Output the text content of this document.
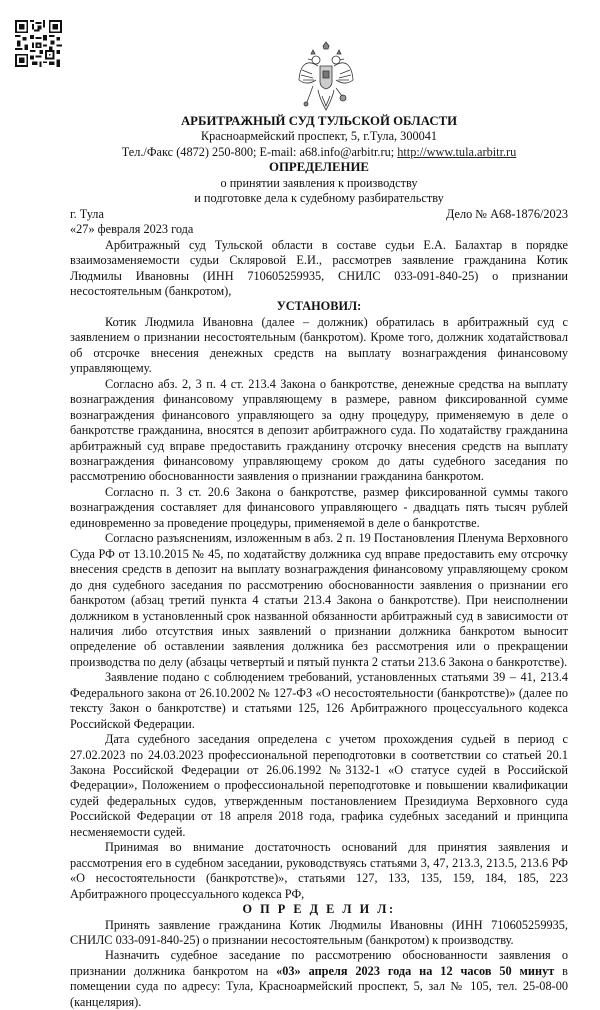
АРБИТРАЖНЫЙ СУД ТУЛЬСКОЙ ОБЛАСТИ
Красноармейский проспект, 5, г.Тула, 300041
Тел./Факс (4872) 250-800; E-mail: a68.info@arbitr.ru; http://www.tula.arbitr.ru
ОПРЕДЕЛЕНИЕ
о принятии заявления к производству
и подготовке дела к судебному разбирательству
г. Тула	Дело № А68-1876/2023
«27» февраля 2023 года

Арбитражный суд Тульской области в составе судьи Е.А. Балахтар в порядке взаимозаменяемости судьи Скляровой Е.И., рассмотрев заявление гражданина Котик Людмилы Ивановны (ИНН 710605259935, СНИЛС 033-091-840-25) о признании несостоятельным (банкротом),

УСТАНОВИЛ:

Котик Людмила Ивановна (далее – должник) обратилась в арбитражный суд с заявлением о признании несостоятельным (банкротом). Кроме того, должник ходатайствовал об отсрочке внесения денежных средств на выплату вознаграждения финансовому управляющему.

Согласно абз. 2, 3 п. 4 ст. 213.4 Закона о банкротстве, денежные средства на выплату вознаграждения финансовому управляющему в размере, равном фиксированной сумме вознаграждения финансового управляющего за одну процедуру, применяемую в деле о банкротстве гражданина, вносятся в депозит арбитражного суда. По ходатайству гражданина арбитражный суд вправе предоставить гражданину отсрочку внесения средств на выплату вознаграждения финансовому управляющему сроком до даты судебного заседания по рассмотрению обоснованности заявления о признании гражданина банкротом.

Согласно п. 3 ст. 20.6 Закона о банкротстве, размер фиксированной суммы такого вознаграждения составляет для финансового управляющего - двадцать пять тысяч рублей единовременно за проведение процедуры, применяемой в деле о банкротстве.

Согласно разъяснениям, изложенным в абз. 2 п. 19 Постановления Пленума Верховного Суда РФ от 13.10.2015 № 45, по ходатайству должника суд вправе предоставить ему отсрочку внесения средств в депозит на выплату вознаграждения финансовому управляющему сроком до дня судебного заседания по рассмотрению обоснованности заявления о признании его банкротом (абзац третий пункта 4 статьи 213.4 Закона о банкротстве). При неисполнении должником в установленный срок названной обязанности арбитражный суд в зависимости от наличия либо отсутствия иных заявлений о признании должника банкротом выносит определение об оставлении заявления должника без рассмотрения или о прекращении производства по делу (абзацы четвертый и пятый пункта 2 статьи 213.6 Закона о банкротстве).

Заявление подано с соблюдением требований, установленных статьями 39 – 41, 213.4 Федерального закона от 26.10.2002 № 127-ФЗ «О несостоятельности (банкротстве)» (далее по тексту Закон о банкротстве) и статьями 125, 126 Арбитражного процессуального кодекса Российской Федерации.

Дата судебного заседания определена с учетом прохождения судьей в период с 27.02.2023 по 24.03.2023 профессиональной переподготовки в соответствии со статьей 20.1 Закона Российской Федерации от 26.06.1992 №3132-1 «О статусе судей в Российской Федерации», Положением о профессиональной переподготовке и повышении квалификации судей федеральных судов, утвержденным постановлением Президиума Верховного суда Российской Федерации от 18 апреля 2018 года, графика судебных заседаний и принципа несменяемости судей.

Принимая во внимание достаточность оснований для принятия заявления и рассмотрения его в судебном заседании, руководствуясь статьями 3, 47, 213.3, 213.5, 213.6 РФ «О несостоятельности (банкротстве)», статьями 127, 133, 135, 159, 184, 185, 223 Арбитражного процессуального кодекса РФ,

О П Р Е Д Е Л И Л:

Принять заявление гражданина Котик Людмилы Ивановны (ИНН 710605259935, СНИЛС 033-091-840-25) о признании несостоятельным (банкротом) к производству.

Назначить судебное заседание по рассмотрению обоснованности заявления о признании должника банкротом на «03» апреля 2023 года на 12 часов 50 минут в помещении суда по адресу: Тула, Красноармейский проспект, 5, зал № 105, тел. 25-08-00 (канцелярия).
